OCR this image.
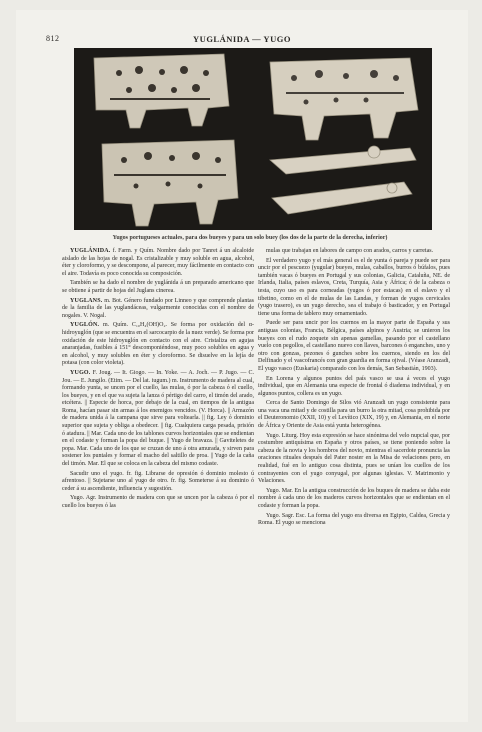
812	YUGLÁNIDA — YUGO
Yugos portugueses actuales, para dos bueyes y para un solo buey (los dos de la parte de la derecha, inferior)

YUGLÁNIDA. f. Farm. y Quím. Nombre dado por Tanret á un alcaloide aislado de las hojas de nogal. Es cristalizable y muy soluble en agua, alcohol, éter y cloroformo, y se descompone, al parecer, muy fácilmente en contacto con el aire. Todavía es poco conocida su composición.

También se ha dado el nombre de yuglánida á un preparado americano que se obtiene á partir de hojas del Juglans cinerea.

YUGLANS. m. Bot. Género fundado por Linneo y que comprende plantas de la familia de las yuglandáceas, vulgarmente conocidas con el nombre de nogales. V. Nogal.

YUGLÓN. m. Quím. C₁₀H₄(OH)O₂. Se forma por oxidación del α- hidroyuglón (que se encuentra en el sarcocarpio de la nuez verde). Se forma por oxidación de este hidroyuglón en contacto con el aire. Cristaliza en agujas anaranjadas, fusibles á 151° descomponiéndose, muy poco solubles en agua y en alcohol, y muy solubles en éter y cloroformo. Se disuelve en la lejía de potasa (con color violeta).

YUGO. F. Joug. — It. Giogo. — In. Yoke. — A. Joch. — P. Jugo. — C. Jou. — E. Jungilo. (Etim. — Del lat. iugum.) m. Instrumento de madera al cual, formando yunta, se uncen por el cuello, las mulas, ó por la cabeza ó el cuello, los bueyes, y en el que va sujeta la lanza ó pértigo del carro, el timón del arado, etcétera. || Especie de horca, por debajo de la cual, en tiempos de la antigua Roma, hacían pasar sin armas á los enemigos vencidos. (V. Horca). || Armazón de madera unida á la campana que sirve para voltearla. || fig. Ley ó dominio superior que sujeta y obliga a obedecer. || fig. Cualquiera carga pesada, prisión ó atadura. || Mar. Cada uno de los tablones curvos horizontales que se endientan en el codaste y forman la popa del buque. || Yugo de bravaza. || Gaviteletes de popa. Mar. Cada uno de los que se cruzan de uno á otra amurada, y sirven para sostener los puntales y formar el macho del saltillo de proa. || Yugo de la caña del timón. Mar. El que se coloca en la cabeza del mismo codaste.

Sacudir uno el yugo. fr. fig. Librarse de opresión ó dominio molesto ú afrentoso. || Sujetarse uno al yugo de otro. fr. fig. Someterse á su dominio ó ceder á su ascendiente, influencia y sugestión.

Yugo. Agr. Instrumento de madera con que se uncen por la cabeza ó por el cuello los bueyes ó las

mulas que trabajan en labores de campo con arados, carros y carretas.

El verdadero yugo y el más general es el de yunta ó pareja y puede ser para uncir por el pescuezo (yugular) bueyes, mulas, caballos, burros ó búfalos, pues también vacas ó bueyes en Portugal y sus colonias, Galicia, Cataluña, NE. de Irlanda, Italia, países eslavos, Creta, Turquía, Asia y África; ó de la cabeza o testa, cuyo uso es para corneadas (yugos ó por estacas) en el eslavo y el tibetino, como en el de mulas de las Landas, y forman de yugos cervicales (yugo trasero), es un yugo derecho, sea el trabajo ó basticador, y en Portugal tiene una forma de tablero muy ornamentado.

Puede ser para uncir por los cuernos en la mayor parte de España y sus antiguas colonias, Francia, Bélgica, países alpinos y Austria; se unieron los bueyes con el rudo zoquete sin apenas gamellas, pasando por el castellano vuelo con pegollos, el castellano nuevo con llaves, barcones ó enganches, uno y otro con gonzas, pezones ó gunches sobre los cuernos, siendo en los del Delfinado y el vascofrancés con gran guardia en forma ojival. (Véase Aranzadi, El yugo vasco (Euskaria) comparado con los demás, San Sebastián, 1903).

En Lorena y algunos puntos del país vasco se usa á veces el yugo individual, que en Alemania una especie de frontal ó diadema individual, y en algunos puntos, collera es un yugo.

Cerca de Santo Domingo de Silos vió Aranzadi un yugo consistente para una vaca una mitad y de costilla para un burro la otra mitad, cosa prohibida por el Deuteronomio (XXII, 10) y el Levítico (XIX, 19) y, en Alemania, en el norte de África y Oriente de Asia está yunta heterogénea.

Yugo. Liturg. Hoy esta expresión se hace sinónima del velo nupcial que, por costumbre antiquísima en España y otros países, se tiene poniendo sobre la cabeza de la novia y los hombros del novio, mientras el sacerdote pronuncia las oraciones rituales después del Pater noster en la Misa de velaciones pero, en realidad, fué en lo antiguo cosa distinta, pues se unían los cuellos de los contrayentes con el yugo conyugal, por algunas iglesias. V. Matrimonio y Velaciones.

Yugo. Mar. En la antigua construcción de los buques de madera se daba este nombre á cada uno de los maderos curvos horizontales que se endientan en el codaste y forman la popa.

Yugo. Sagr. Esc. La forma del yugo era diversa en Egipto, Caldea, Grecia y Roma. El yugo se menciona
